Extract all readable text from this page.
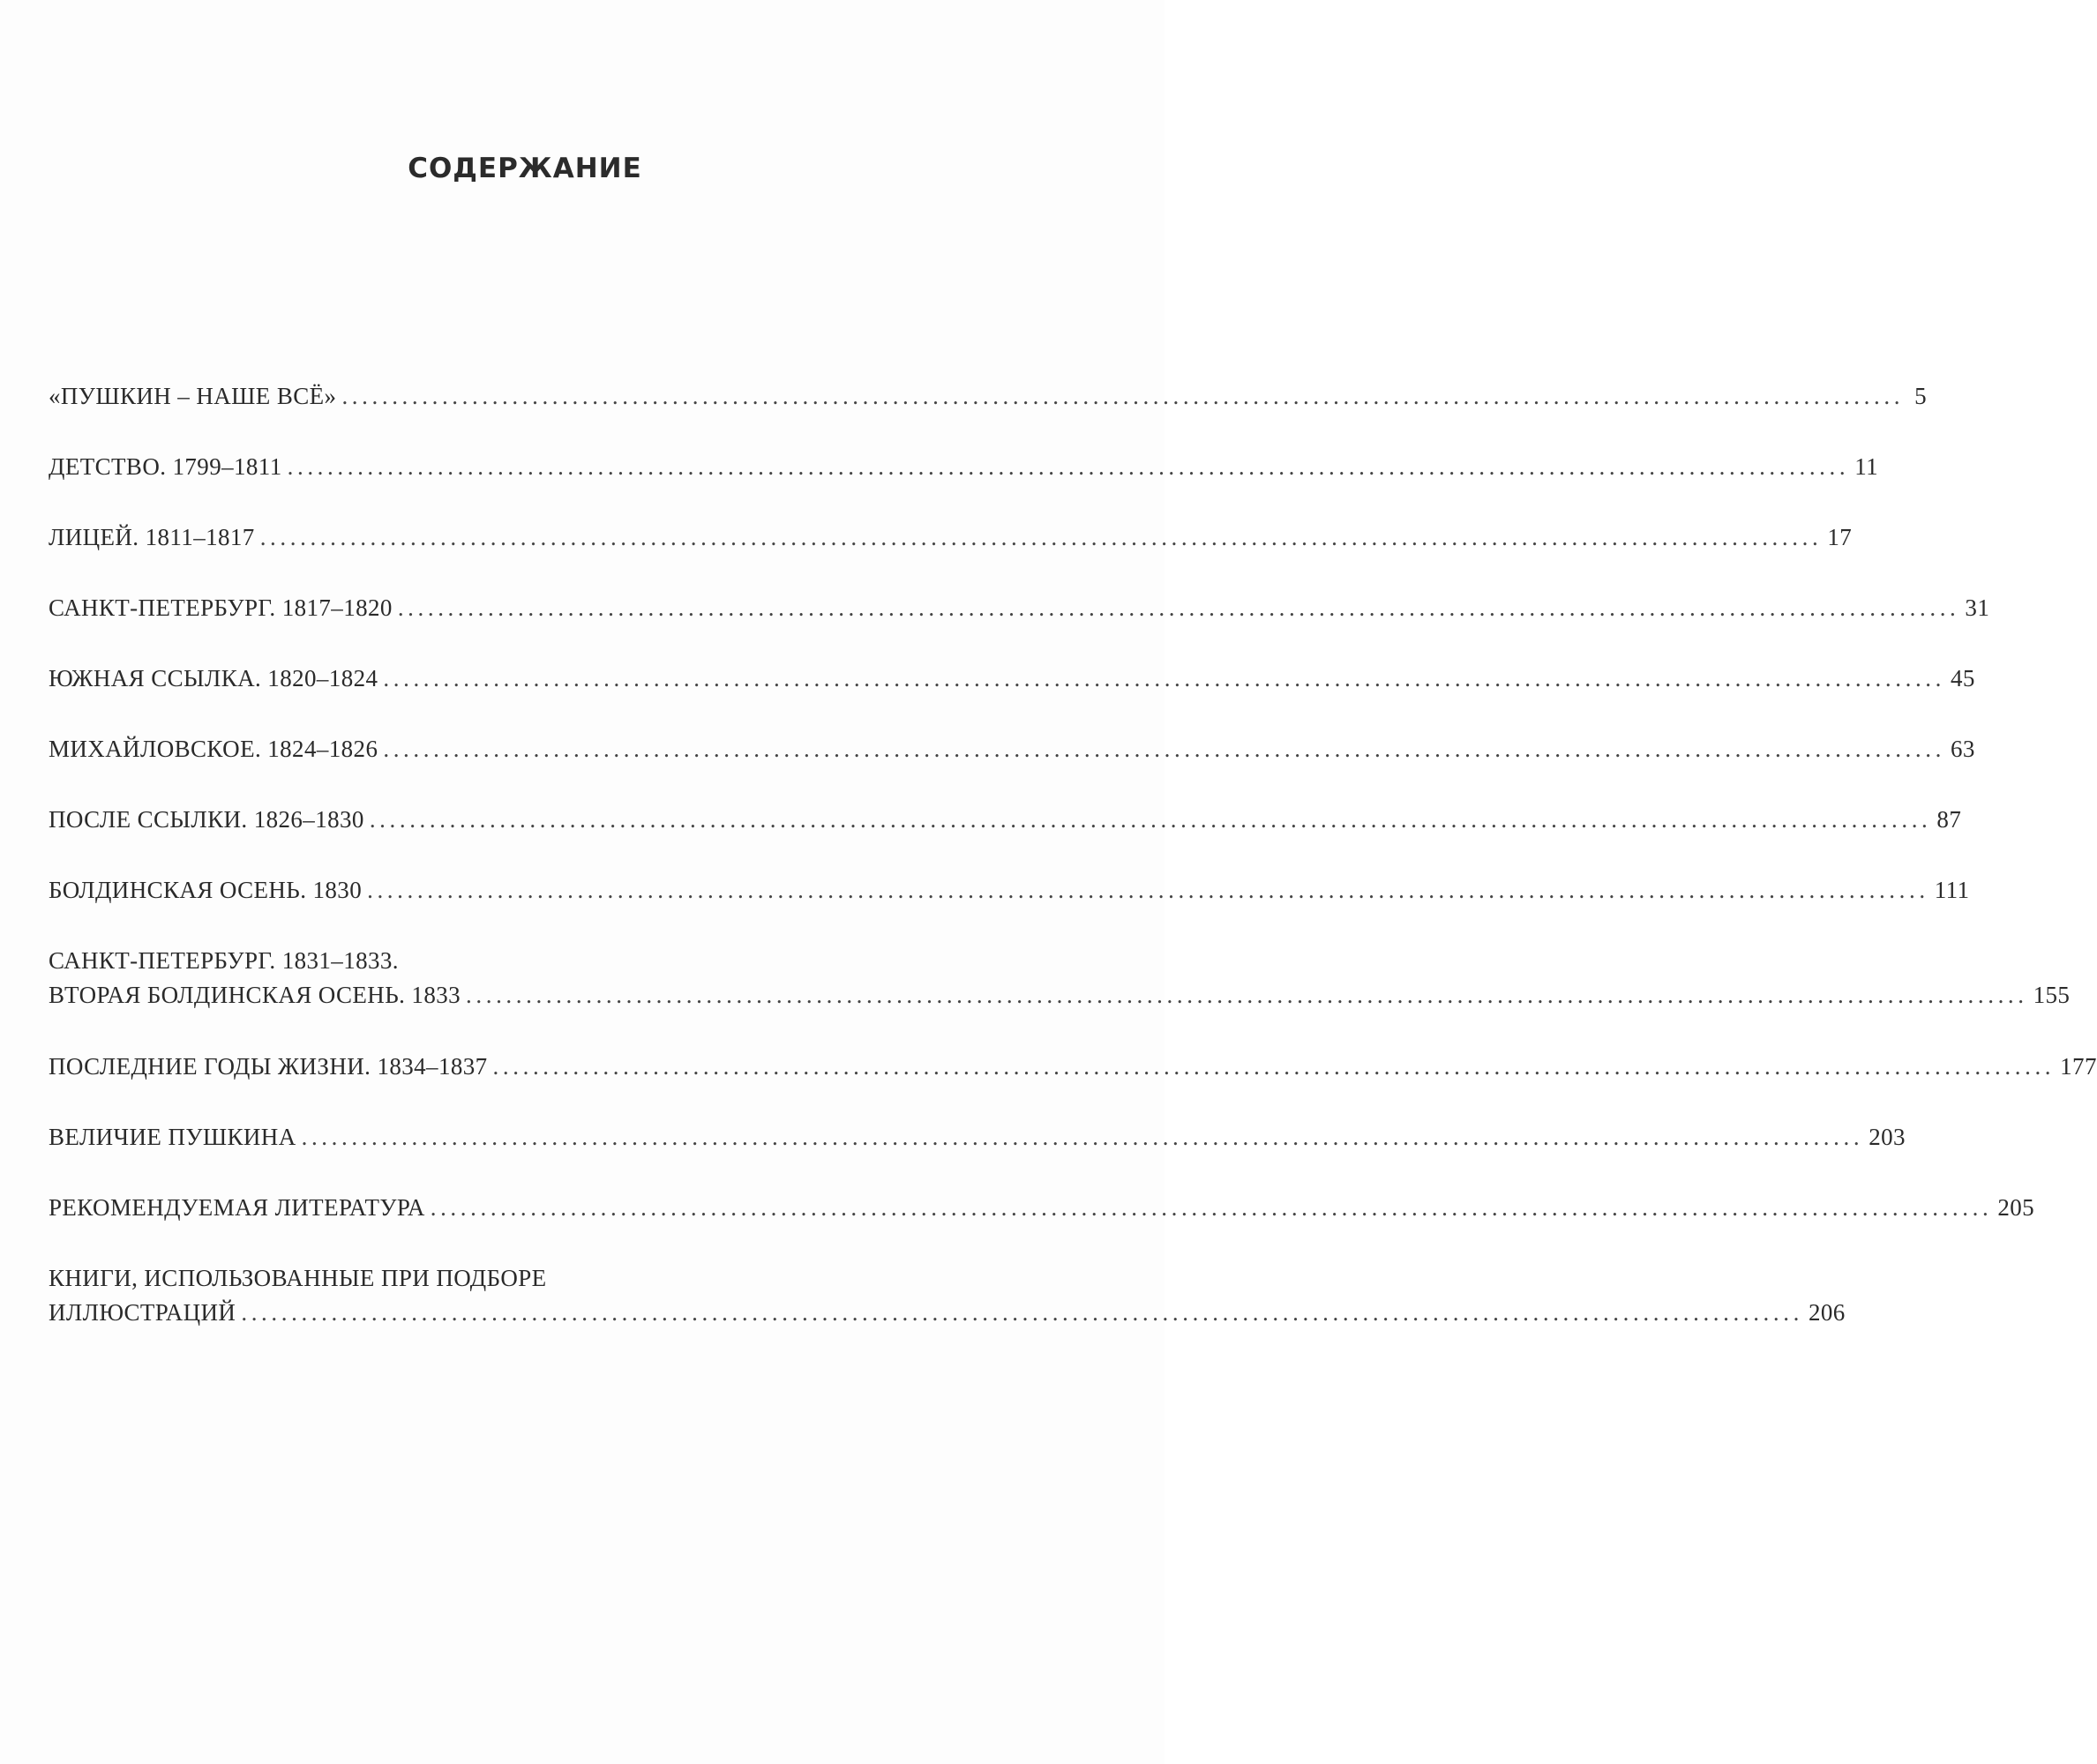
СОДЕРЖАНИЕ
«ПУШКИН – НАШЕ ВСЁ» ............................................................................................................................................................ 5
ДЕТСТВО. 1799–1811 ............................................................................................................................................................ 11
ЛИЦЕЙ. 1811–1817 ............................................................................................................................................................ 17
САНКТ-ПЕТЕРБУРГ. 1817–1820 ............................................................................................................................................................ 31
ЮЖНАЯ ССЫЛКА. 1820–1824 ............................................................................................................................................................ 45
МИХАЙЛОВСКОЕ. 1824–1826 ............................................................................................................................................................ 63
ПОСЛЕ ССЫЛКИ. 1826–1830 ............................................................................................................................................................ 87
БОЛДИНСКАЯ ОСЕНЬ. 1830 ............................................................................................................................................................ 111
САНКТ-ПЕТЕРБУРГ. 1831–1833.
ВТОРАЯ БОЛДИНСКАЯ ОСЕНЬ. 1833 ............................................................................................................................................................ 155
ПОСЛЕДНИЕ ГОДЫ ЖИЗНИ. 1834–1837 ............................................................................................................................................................ 177
ВЕЛИЧИЕ ПУШКИНА ............................................................................................................................................................ 203
РЕКОМЕНДУЕМАЯ ЛИТЕРАТУРА ............................................................................................................................................................ 205
КНИГИ, ИСПОЛЬЗОВАННЫЕ ПРИ ПОДБОРЕ
ИЛЛЮСТРАЦИЙ ............................................................................................................................................................ 206
